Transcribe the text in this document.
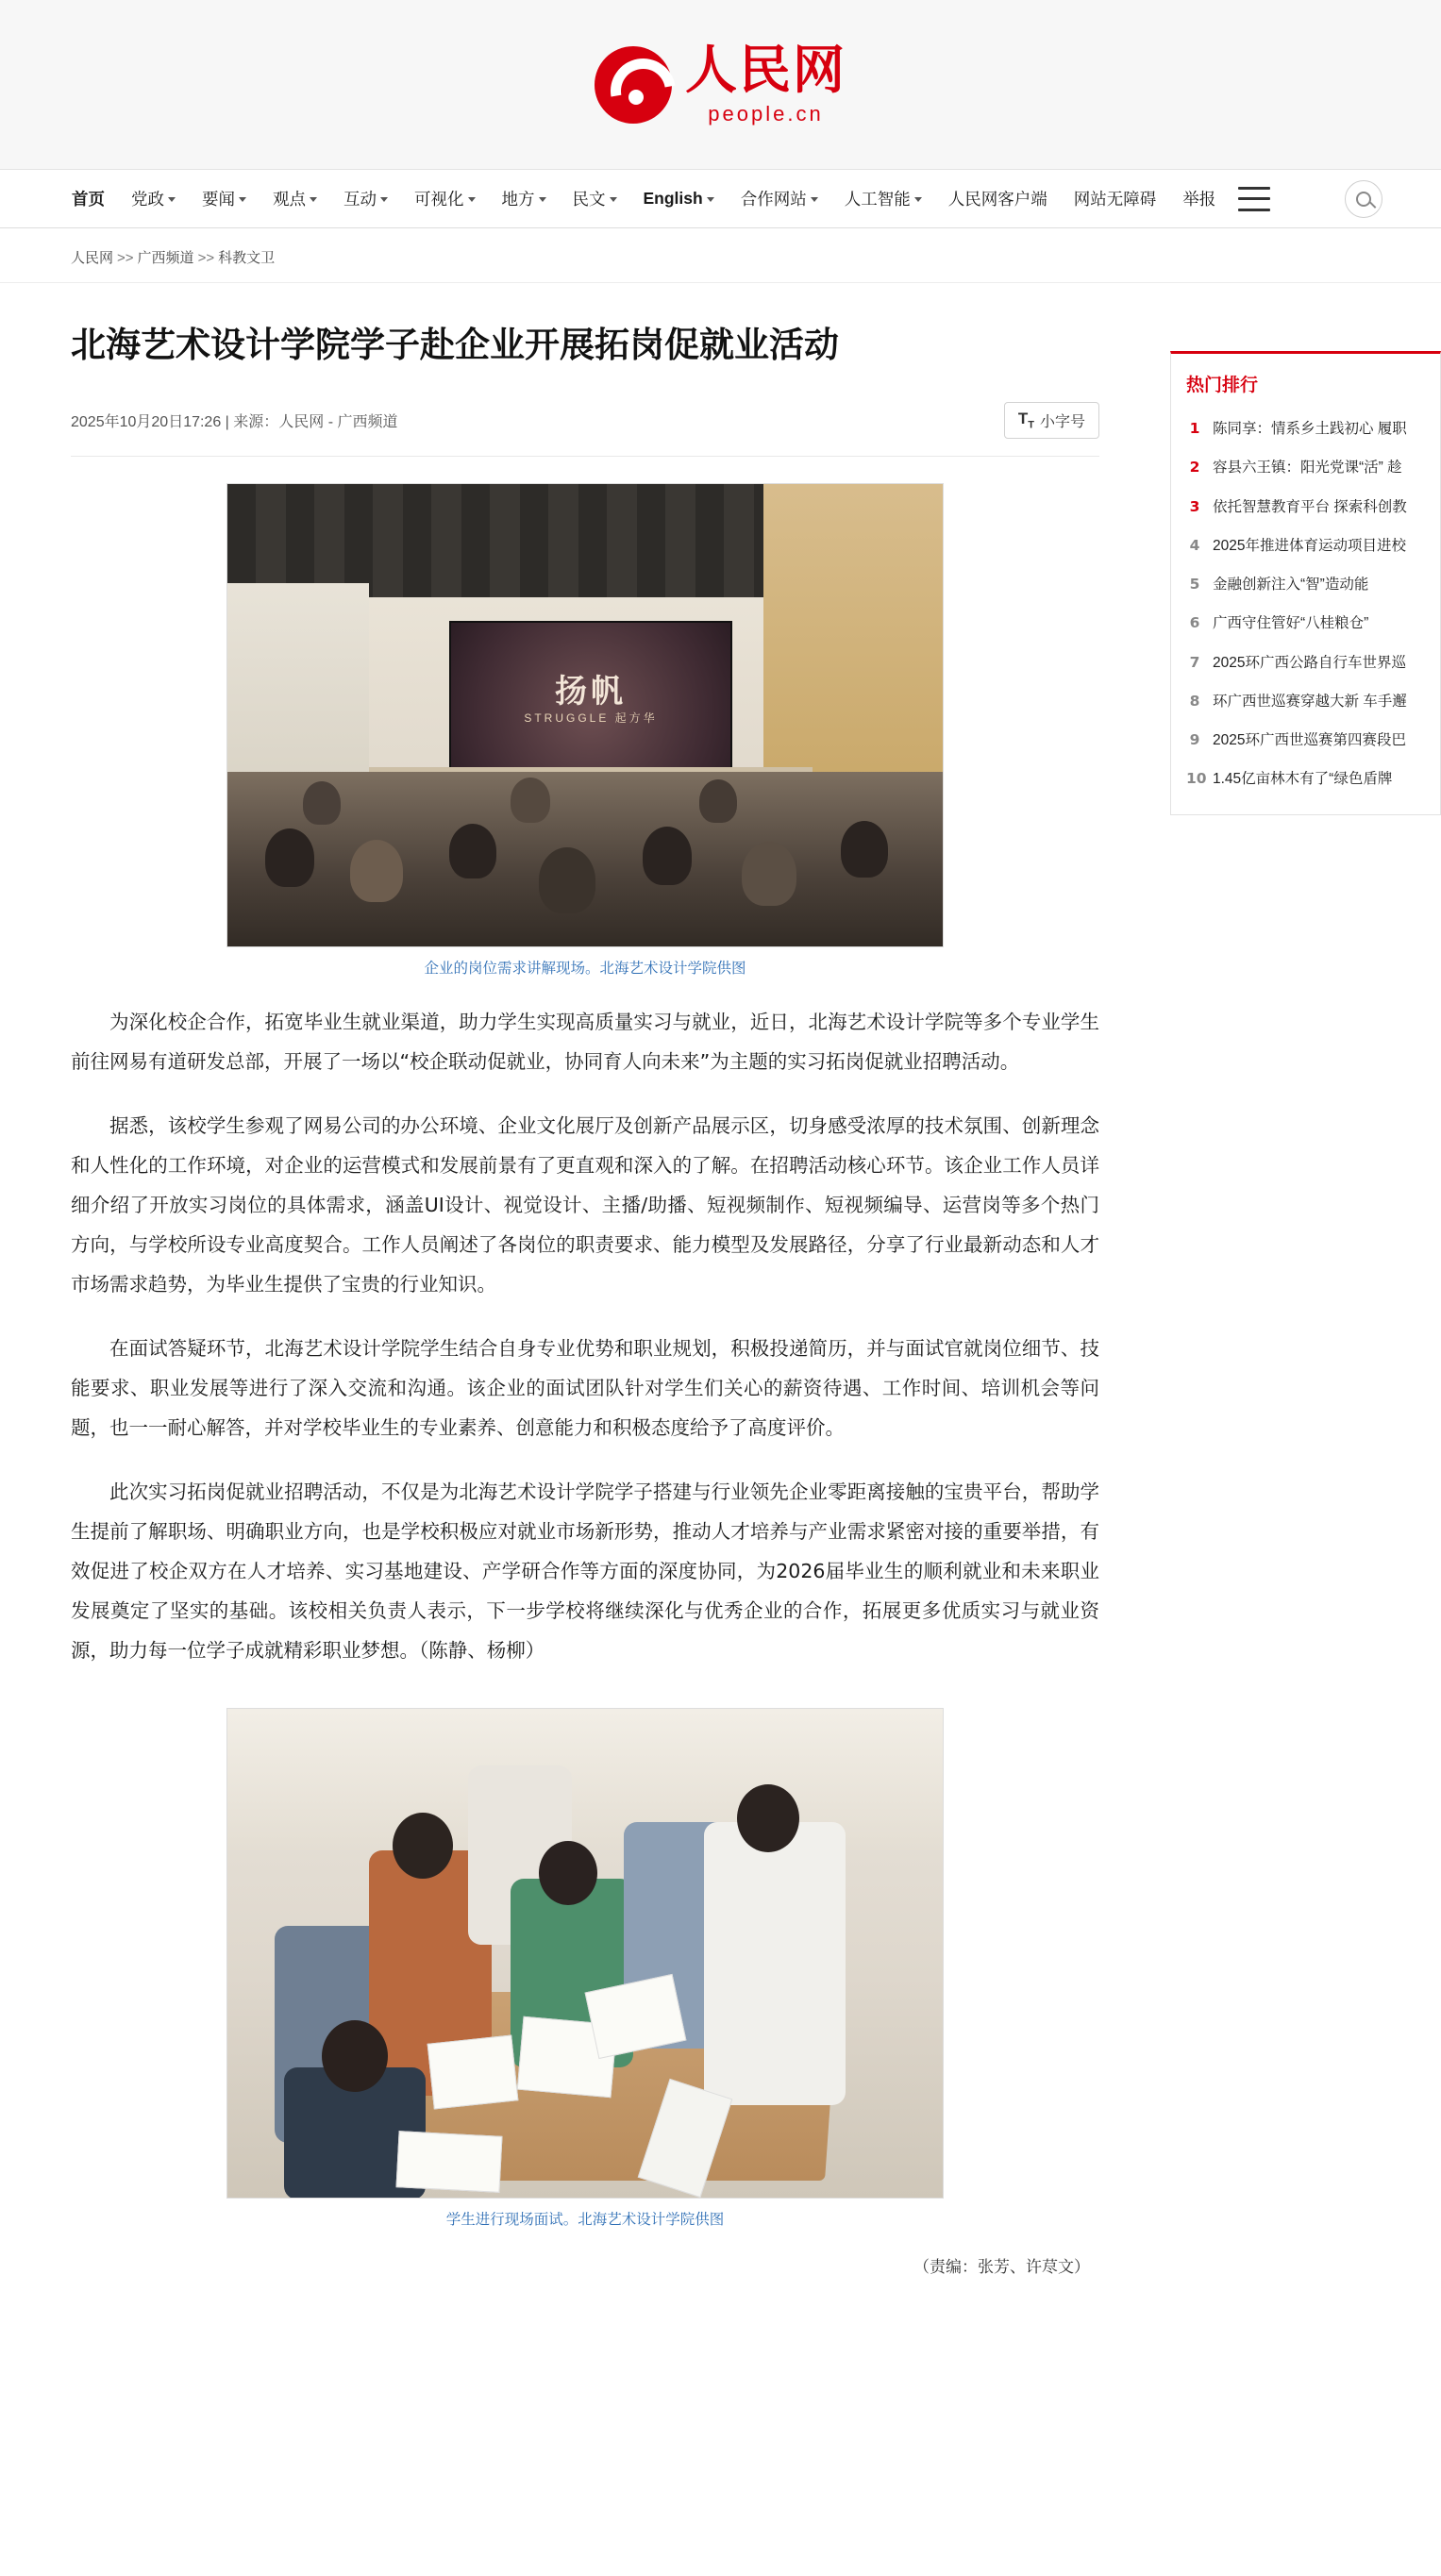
人民网
people.cn
首页 党政 要闻 观点 互动 可视化 地方 民文 English 合作网站 人工智能 人民网客户端 网站无障碍 举报
人民网 >> 广西频道 >> 科教文卫
北海艺术设计学院学子赴企业开展拓岗促就业活动
2025年10月20日17:26 | 来源：人民网 - 广西频道	$T_T$ 小字号
扬帆
STRUGGLE 起方华
企业的岗位需求讲解现场。北海艺术设计学院供图

为深化校企合作，拓宽毕业生就业渠道，助力学生实现高质量实习与就业，近日，北海艺术设计学院等多个专业学生前往网易有道研发总部，开展了一场以“校企联动促就业，协同育人向未来”为主题的实习拓岗促就业招聘活动。

据悉，该校学生参观了网易公司的办公环境、企业文化展厅及创新产品展示区，切身感受浓厚的技术氛围、创新理念和人性化的工作环境，对企业的运营模式和发展前景有了更直观和深入的了解。在招聘活动核心环节。该企业工作人员详细介绍了开放实习岗位的具体需求，涵盖UI设计、视觉设计、主播/助播、短视频制作、短视频编导、运营岗等多个热门方向，与学校所设专业高度契合。工作人员阐述了各岗位的职责要求、能力模型及发展路径，分享了行业最新动态和人才市场需求趋势，为毕业生提供了宝贵的行业知识。

在面试答疑环节，北海艺术设计学院学生结合自身专业优势和职业规划，积极投递简历，并与面试官就岗位细节、技能要求、职业发展等进行了深入交流和沟通。该企业的面试团队针对学生们关心的薪资待遇、工作时间、培训机会等问题，也一一耐心解答，并对学校毕业生的专业素养、创意能力和积极态度给予了高度评价。

此次实习拓岗促就业招聘活动，不仅是为北海艺术设计学院学子搭建与行业领先企业零距离接触的宝贵平台，帮助学生提前了解职场、明确职业方向，也是学校积极应对就业市场新形势，推动人才培养与产业需求紧密对接的重要举措，有效促进了校企双方在人才培养、实习基地建设、产学研合作等方面的深度协同，为2026届毕业生的顺利就业和未来职业发展奠定了坚实的基础。该校相关负责人表示，下一步学校将继续深化与优秀企业的合作，拓展更多优质实习与就业资源，助力每一位学子成就精彩职业梦想。（陈静、杨柳）

学生进行现场面试。北海艺术设计学院供图
（责编：张芳、许荩文）
热门排行
1 陈同享：情系乡土践初心 履职
2 容县六王镇：阳光党课“活” 趁
3 依托智慧教育平台 探索科创教
4 2025年推进体育运动项目进校
5 金融创新注入“智”造动能
6 广西守住管好“八桂粮仓”
7 2025环广西公路自行车世界巡
8 环广西世巡赛穿越大新 车手邂
9 2025环广西世巡赛第四赛段巴
10 1.45亿亩林木有了“绿色盾牌
